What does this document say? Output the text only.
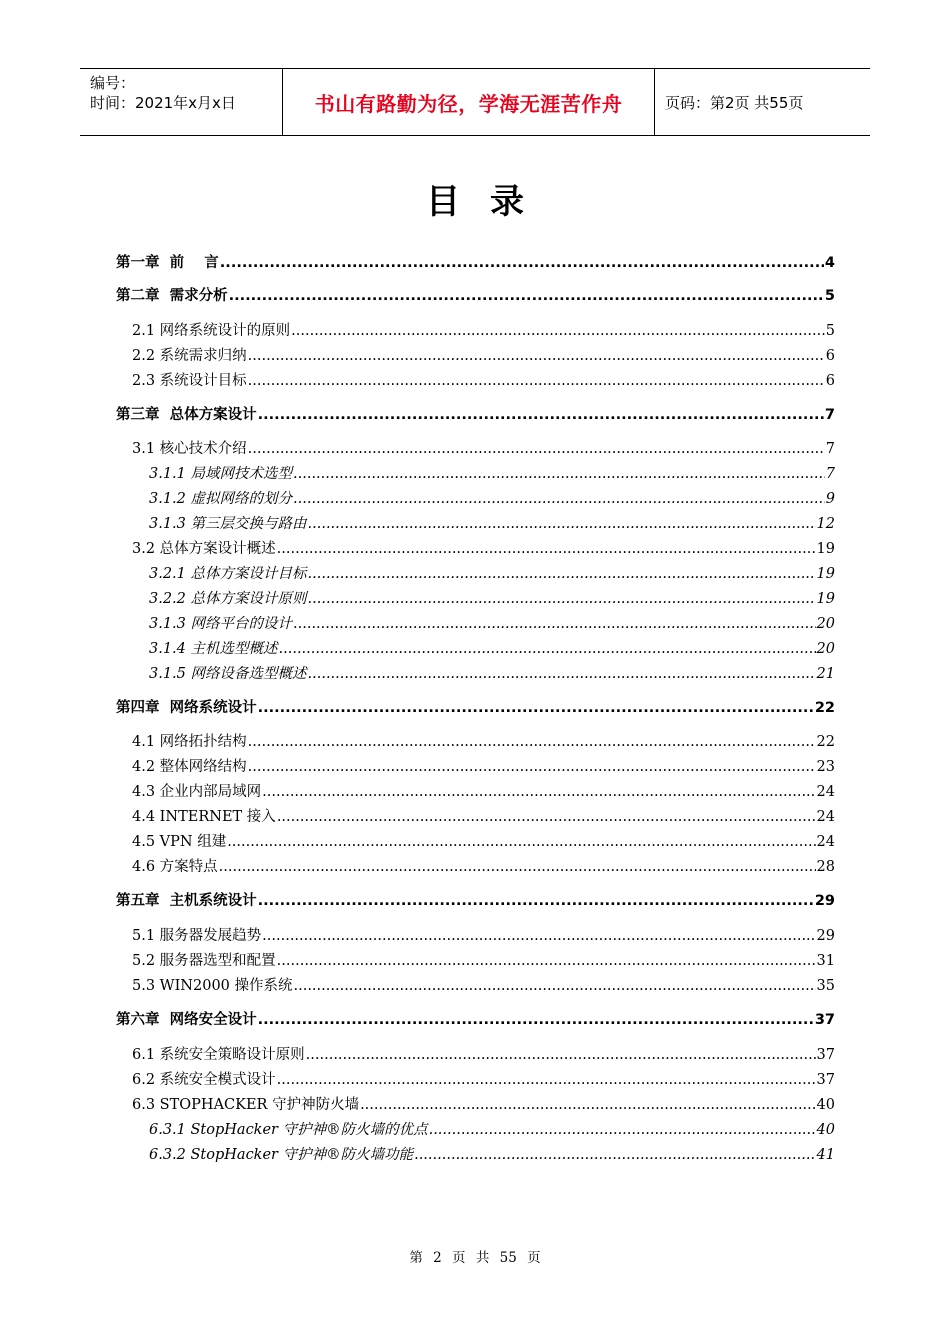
编号：
时间：2021年x月x日	书山有路勤为径，学海无涯苦作舟	页码：第2页 共55页
目录
第一章  前    言 .....	4
第二章  需求分析 .....	5
2.1 网络系统设计的原则 .....	5
2.2 系统需求归纳 .....	6
2.3 系统设计目标 .....	6
第三章  总体方案设计 .....	7
3.1 核心技术介绍 .....	7
3.1.1 局域网技术选型 .....	7
3.1.2 虚拟网络的划分 .....	9
3.1.3 第三层交换与路由 .....	12
3.2 总体方案设计概述 .....	19
3.2.1 总体方案设计目标 .....	19
3.2.2 总体方案设计原则 .....	19
3.1.3 网络平台的设计 .....	20
3.1.4 主机选型概述 .....	20
3.1.5 网络设备选型概述 .....	21
第四章  网络系统设计 .....	22
4.1 网络拓扑结构 .....	22
4.2 整体网络结构 .....	23
4.3 企业内部局域网 .....	24
4.4 INTERNET 接入 .....	24
4.5 VPN 组建 .....	24
4.6 方案特点 .....	28
第五章  主机系统设计 .....	29
5.1 服务器发展趋势 .....	29
5.2 服务器选型和配置 .....	31
5.3 WIN2000 操作系统 .....	35
第六章  网络安全设计 .....	37
6.1 系统安全策略设计原则 .....	37
6.2 系统安全模式设计 .....	37
6.3 STOPHACKER 守护神防火墙 .....	40
6.3.1 StopHacker 守护神®防火墙的优点 .....	40
6.3.2 StopHacker 守护神®防火墙功能 .....	41
第 2 页 共 55 页
